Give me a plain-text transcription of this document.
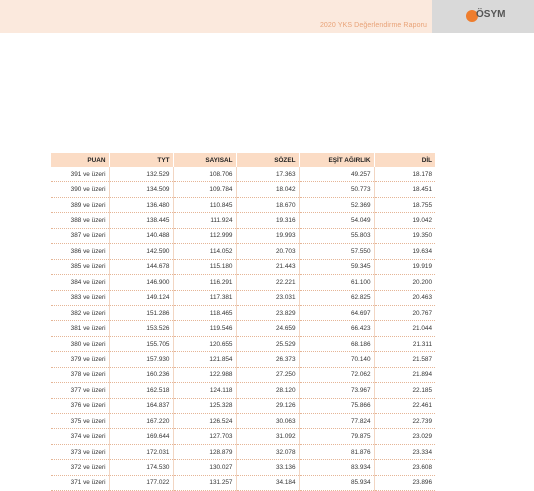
2020 YKS Değerlendirme Raporu
ÖSYM
PUAN	TYT	SAYISAL	SÖZEL	EŞİT AĞIRLIK	DİL
391 ve üzeri	132.529	108.706	17.363	49.257	18.178
390 ve üzeri	134.509	109.784	18.042	50.773	18.451
389 ve üzeri	136.480	110.845	18.670	52.369	18.755
388 ve üzeri	138.445	111.924	19.316	54.049	19.042
387 ve üzeri	140.488	112.999	19.993	55.803	19.350
386 ve üzeri	142.590	114.052	20.703	57.550	19.634
385 ve üzeri	144.678	115.180	21.443	59.345	19.919
384 ve üzeri	146.900	116.291	22.221	61.100	20.200
383 ve üzeri	149.124	117.381	23.031	62.825	20.463
382 ve üzeri	151.286	118.465	23.829	64.697	20.767
381 ve üzeri	153.526	119.546	24.659	66.423	21.044
380 ve üzeri	155.705	120.655	25.529	68.186	21.311
379 ve üzeri	157.930	121.854	26.373	70.140	21.587
378 ve üzeri	160.236	122.988	27.250	72.062	21.894
377 ve üzeri	162.518	124.118	28.120	73.967	22.185
376 ve üzeri	164.837	125.328	29.126	75.866	22.461
375 ve üzeri	167.220	126.524	30.063	77.824	22.739
374 ve üzeri	169.644	127.703	31.092	79.875	23.029
373 ve üzeri	172.031	128.879	32.078	81.876	23.334
372 ve üzeri	174.530	130.027	33.136	83.934	23.608
371 ve üzeri	177.022	131.257	34.184	85.934	23.896
